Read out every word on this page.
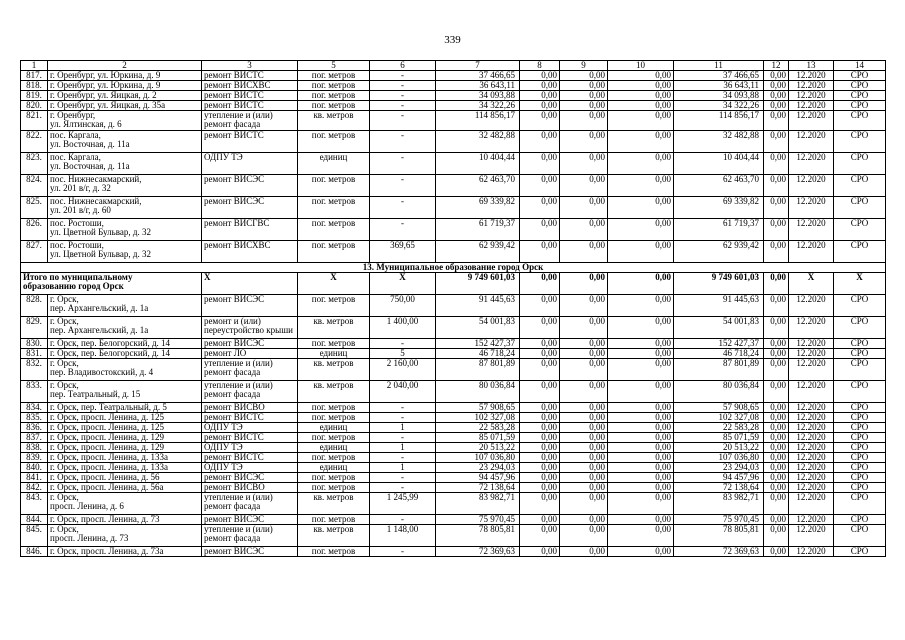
339
1	2	3	5	6	7	8	9	10	11	12	13	14
817.	г. Оренбург, ул. Юркина, д. 9	ремонт ВИСТС	пог. метров	-	37 466,65	0,00	0,00	0,00	37 466,65	0,00	12.2020	СРО
818.	г. Оренбург, ул. Юркина, д. 9	ремонт ВИСХВС	пог. метров	-	36 643,11	0,00	0,00	0,00	36 643,11	0,00	12.2020	СРО
819.	г. Оренбург, ул. Яицкая, д. 2	ремонт ВИСТС	пог. метров	-	34 093,88	0,00	0,00	0,00	34 093,88	0,00	12.2020	СРО
820.	г. Оренбург, ул. Яицкая, д. 35а	ремонт ВИСТС	пог. метров	-	34 322,26	0,00	0,00	0,00	34 322,26	0,00	12.2020	СРО
821.	г. Оренбург,
ул. Ялтинская, д. 6	утепление и (или)
ремонт фасада	кв. метров	-	114 856,17	0,00	0,00	0,00	114 856,17	0,00	12.2020	СРО
822.	пос. Каргала,
ул. Восточная, д. 11а	ремонт ВИСТС	пог. метров	-	32 482,88	0,00	0,00	0,00	32 482,88	0,00	12.2020	СРО
823.	пос. Каргала,
ул. Восточная, д. 11а	ОДПУ ТЭ	единиц	-	10 404,44	0,00	0,00	0,00	10 404,44	0,00	12.2020	СРО
824.	пос. Нижнесакмарский,
ул. 201 в/г, д. 32	ремонт ВИСЭС	пог. метров	-	62 463,70	0,00	0,00	0,00	62 463,70	0,00	12.2020	СРО
825.	пос. Нижнесакмарский,
ул. 201 в/г, д. 60	ремонт ВИСЭС	пог. метров	-	69 339,82	0,00	0,00	0,00	69 339,82	0,00	12.2020	СРО
826.	пос. Ростоши,
ул. Цветной Бульвар, д. 32	ремонт ВИСГВС	пог. метров	-	61 719,37	0,00	0,00	0,00	61 719,37	0,00	12.2020	СРО
827.	пос. Ростоши,
ул. Цветной Бульвар, д. 32	ремонт ВИСХВС	пог. метров	369,65	62 939,42	0,00	0,00	0,00	62 939,42	0,00	12.2020	СРО
13. Муниципальное образование город Орск												
Итого по муниципальному
образованию город Орск		X	X	X	9 749 601,03	0,00	0,00	0,00	9 749 601,03	0,00	X	X
828.	г. Орск,
пер. Архангельский, д. 1а	ремонт ВИСЭС	пог. метров	750,00	91 445,63	0,00	0,00	0,00	91 445,63	0,00	12.2020	СРО
829.	г. Орск,
пер. Архангельский, д. 1а	ремонт и (или)
переустройство крыши	кв. метров	1 400,00	54 001,83	0,00	0,00	0,00	54 001,83	0,00	12.2020	СРО
830.	г. Орск, пер. Белогорский, д. 14	ремонт ВИСЭС	пог. метров	-	152 427,37	0,00	0,00	0,00	152 427,37	0,00	12.2020	СРО
831.	г. Орск, пер. Белогорский, д. 14	ремонт ЛО	единиц	5	46 718,24	0,00	0,00	0,00	46 718,24	0,00	12.2020	СРО
832.	г. Орск,
пер. Владивостокский, д. 4	утепление и (или)
ремонт фасада	кв. метров	2 160,00	87 801,89	0,00	0,00	0,00	87 801,89	0,00	12.2020	СРО
833.	г. Орск,
пер. Театральный, д. 15	утепление и (или)
ремонт фасада	кв. метров	2 040,00	80 036,84	0,00	0,00	0,00	80 036,84	0,00	12.2020	СРО
834.	г. Орск, пер. Театральный, д. 5	ремонт ВИСВО	пог. метров	-	57 908,65	0,00	0,00	0,00	57 908,65	0,00	12.2020	СРО
835.	г. Орск, просп. Ленина, д. 125	ремонт ВИСТС	пог. метров	-	102 327,08	0,00	0,00	0,00	102 327,08	0,00	12.2020	СРО
836.	г. Орск, просп. Ленина, д. 125	ОДПУ ТЭ	единиц	1	22 583,28	0,00	0,00	0,00	22 583,28	0,00	12.2020	СРО
837.	г. Орск, просп. Ленина, д. 129	ремонт ВИСТС	пог. метров	-	85 071,59	0,00	0,00	0,00	85 071,59	0,00	12.2020	СРО
838.	г. Орск, просп. Ленина, д. 129	ОДПУ ТЭ	единиц	1	20 513,22	0,00	0,00	0,00	20 513,22	0,00	12.2020	СРО
839.	г. Орск, просп. Ленина, д. 133а	ремонт ВИСТС	пог. метров	-	107 036,80	0,00	0,00	0,00	107 036,80	0,00	12.2020	СРО
840.	г. Орск, просп. Ленина, д. 133а	ОДПУ ТЭ	единиц	1	23 294,03	0,00	0,00	0,00	23 294,03	0,00	12.2020	СРО
841.	г. Орск, просп. Ленина, д. 56	ремонт ВИСЭС	пог. метров	-	94 457,96	0,00	0,00	0,00	94 457,96	0,00	12.2020	СРО
842.	г. Орск, просп. Ленина, д. 56а	ремонт ВИСВО	пог. метров	-	72 138,64	0,00	0,00	0,00	72 138,64	0,00	12.2020	СРО
843.	г. Орск,
просп. Ленина, д. 6	утепление и (или)
ремонт фасада	кв. метров	1 245,99	83 982,71	0,00	0,00	0,00	83 982,71	0,00	12.2020	СРО
844.	г. Орск, просп. Ленина, д. 73	ремонт ВИСЭС	пог. метров	-	75 970,45	0,00	0,00	0,00	75 970,45	0,00	12.2020	СРО
845.	г. Орск,
просп. Ленина, д. 73	утепление и (или)
ремонт фасада	кв. метров	1 148,00	78 805,81	0,00	0,00	0,00	78 805,81	0,00	12.2020	СРО
846.	г. Орск, просп. Ленина, д. 73а	ремонт ВИСЭС	пог. метров	-	72 369,63	0,00	0,00	0,00	72 369,63	0,00	12.2020	СРО
